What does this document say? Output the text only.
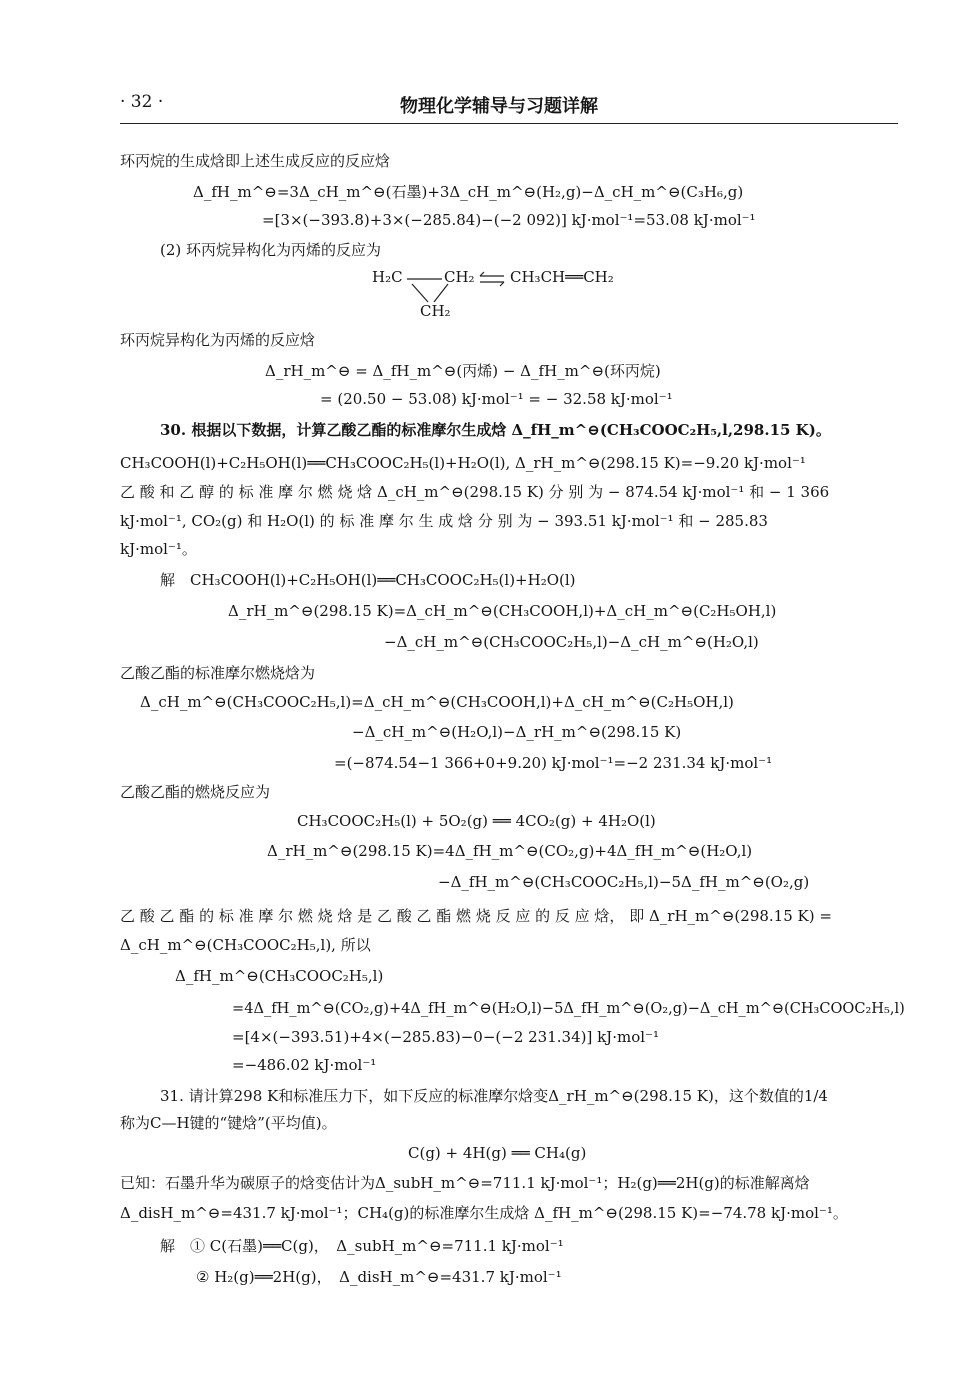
· 32 ·	物理化学辅导与习题详解
环丙烷的生成焓即上述生成反应的反应焓
Δ_fH_m^⊖=3Δ_cH_m^⊖(石墨)+3Δ_cH_m^⊖(H₂,g)−Δ_cH_m^⊖(C₃H₆,g)
=[3×(−393.8)+3×(−285.84)−(−2 092)] kJ·mol⁻¹=53.08 kJ·mol⁻¹
(2) 环丙烷异构化为丙烯的反应为
H₂C	CH₂
CH₂
CH₃CH══CH₂
环丙烷异构化为丙烯的反应焓
Δ_rH_m^⊖ = Δ_fH_m^⊖(丙烯) − Δ_fH_m^⊖(环丙烷)
= (20.50 − 53.08) kJ·mol⁻¹ = − 32.58 kJ·mol⁻¹
30. 根据以下数据，计算乙酸乙酯的标准摩尔生成焓 Δ_fH_m^⊖(CH₃COOC₂H₅,l,298.15 K)。
CH₃COOH(l)+C₂H₅OH(l)══CH₃COOC₂H₅(l)+H₂O(l), Δ_rH_m^⊖(298.15 K)=−9.20 kJ·mol⁻¹
乙 酸 和 乙 醇 的 标 准 摩 尔 燃 烧 焓 Δ_cH_m^⊖(298.15 K) 分 别 为 − 874.54 kJ·mol⁻¹ 和 − 1 366
kJ·mol⁻¹, CO₂(g) 和 H₂O(l) 的 标 准 摩 尔 生 成 焓 分 别 为 − 393.51 kJ·mol⁻¹ 和 − 285.83
kJ·mol⁻¹。
解　CH₃COOH(l)+C₂H₅OH(l)══CH₃COOC₂H₅(l)+H₂O(l)
Δ_rH_m^⊖(298.15 K)=Δ_cH_m^⊖(CH₃COOH,l)+Δ_cH_m^⊖(C₂H₅OH,l)
−Δ_cH_m^⊖(CH₃COOC₂H₅,l)−Δ_cH_m^⊖(H₂O,l)
乙酸乙酯的标准摩尔燃烧焓为
Δ_cH_m^⊖(CH₃COOC₂H₅,l)=Δ_cH_m^⊖(CH₃COOH,l)+Δ_cH_m^⊖(C₂H₅OH,l)
−Δ_cH_m^⊖(H₂O,l)−Δ_rH_m^⊖(298.15 K)
=(−874.54−1 366+0+9.20) kJ·mol⁻¹=−2 231.34 kJ·mol⁻¹
乙酸乙酯的燃烧反应为
CH₃COOC₂H₅(l) + 5O₂(g) ══ 4CO₂(g) + 4H₂O(l)
Δ_rH_m^⊖(298.15 K)=4Δ_fH_m^⊖(CO₂,g)+4Δ_fH_m^⊖(H₂O,l)
−Δ_fH_m^⊖(CH₃COOC₂H₅,l)−5Δ_fH_m^⊖(O₂,g)
乙 酸 乙 酯 的 标 准 摩 尔 燃 烧 焓 是 乙 酸 乙 酯 燃 烧 反 应 的 反 应 焓， 即 Δ_rH_m^⊖(298.15 K) =
Δ_cH_m^⊖(CH₃COOC₂H₅,l), 所以
Δ_fH_m^⊖(CH₃COOC₂H₅,l)
=4Δ_fH_m^⊖(CO₂,g)+4Δ_fH_m^⊖(H₂O,l)−5Δ_fH_m^⊖(O₂,g)−Δ_cH_m^⊖(CH₃COOC₂H₅,l)
=[4×(−393.51)+4×(−285.83)−0−(−2 231.34)] kJ·mol⁻¹
=−486.02 kJ·mol⁻¹
31. 请计算298 K和标准压力下，如下反应的标准摩尔焓变Δ_rH_m^⊖(298.15 K)，这个数值的1/4
称为C—H键的“键焓”(平均值)。
C(g) + 4H(g) ══ CH₄(g)
已知：石墨升华为碳原子的焓变估计为Δ_subH_m^⊖=711.1 kJ·mol⁻¹；H₂(g)══2H(g)的标准解离焓
Δ_disH_m^⊖=431.7 kJ·mol⁻¹；CH₄(g)的标准摩尔生成焓 Δ_fH_m^⊖(298.15 K)=−74.78 kJ·mol⁻¹。
解　① C(石墨)══C(g)，　Δ_subH_m^⊖=711.1 kJ·mol⁻¹
② H₂(g)══2H(g)，　Δ_disH_m^⊖=431.7 kJ·mol⁻¹
